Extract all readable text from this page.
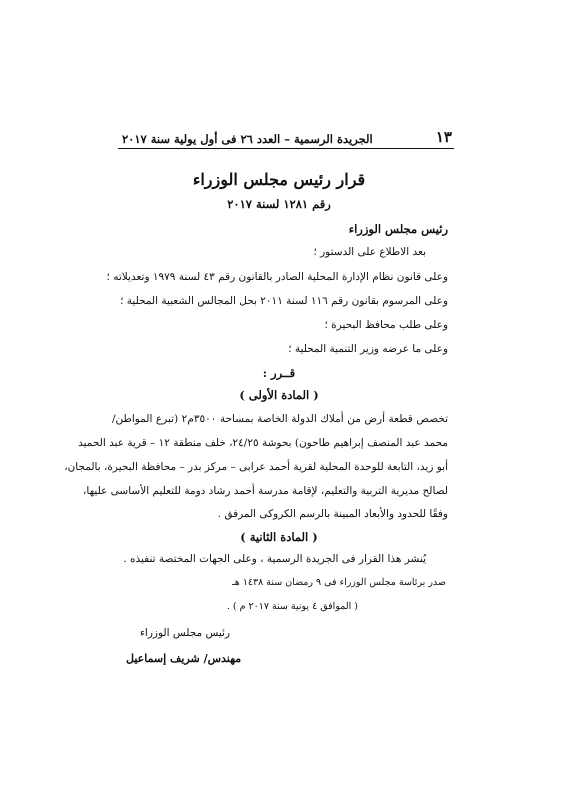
١٣
الجريدة الرسمية – العدد ٢٦ فى أول يولية سنة ٢٠١٧
قرار رئيس مجلس الوزراء
رقم ١٢٨١ لسنة ٢٠١٧
رئيس مجلس الوزراء
بعد الاطلاع على الدستور ؛
وعلى قانون نظام الإدارة المحلية الصادر بالقانون رقم ٤٣ لسنة ١٩٧٩ وتعديلاته ؛
وعلى المرسوم بقانون رقم ١١٦ لسنة ٢٠١١ بحل المجالس الشعبية المحلية ؛
وعلى طلب محافظ البحيرة ؛
وعلى ما عرضه وزير التنمية المحلية ؛
قــرر :
( المادة الأولى )
تخصص قطعة أرض من أملاك الدولة الخاصة بمساحة ٣٥٠٠م٢ (تبرع المواطن/
محمد عبد المنصف إبراهيم طاحون) بحوشة ٢٤/٢٥، خلف منطقة ١٢ – قرية عبد الحميد
أبو زيد، التابعة للوحدة المحلية لقرية أحمد عرابى – مركز بدر – محافظة البحيرة، بالمجان،
لصالح مديرية التربية والتعليم، لإقامة مدرسة أحمد رشاد دومة للتعليم الأساسى عليها،
وفقًا للحدود والأبعاد المبينة بالرسم الكروكى المرفق .
( المادة الثانية )
يُنشر هذا القرار فى الجريدة الرسمية ، وعلى الجهات المختصة تنفيذه .
صدر برئاسة مجلس الوزراء فى ٩ رمضان سنة ١٤٣٨ هـ
( الموافق ٤ يونية سنة ٢٠١٧ م ) .
رئيس مجلس الوزراء
مهندس/ شريف إسماعيل
